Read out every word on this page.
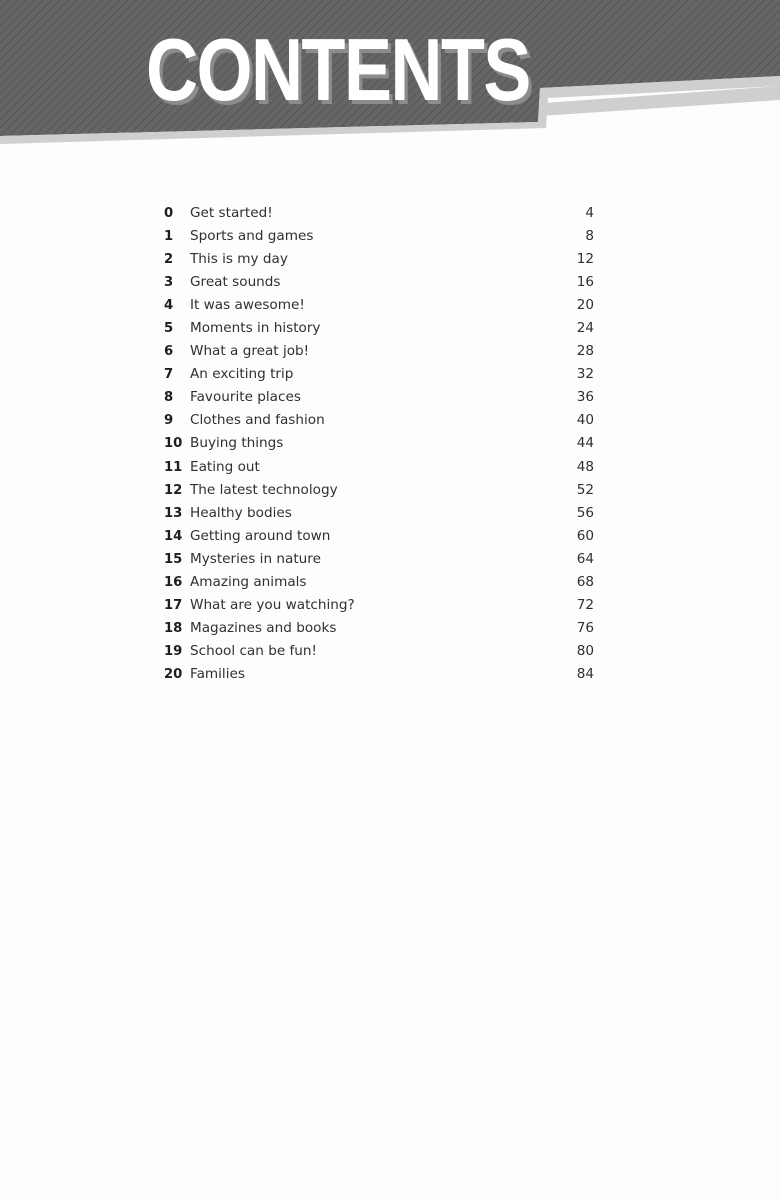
CONTENTS
0	Get started!	4
1	Sports and games	8
2	This is my day	12
3	Great sounds	16
4	It was awesome!	20
5	Moments in history	24
6	What a great job!	28
7	An exciting trip	32
8	Favourite places	36
9	Clothes and fashion	40
10 Buying things	44
11 Eating out	48
12 The latest technology	52
13 Healthy bodies	56
14 Getting around town	60
15 Mysteries in nature	64
16 Amazing animals	68
17 What are you watching?	72
18 Magazines and books	76
19 School can be fun!	80
20 Families	84
